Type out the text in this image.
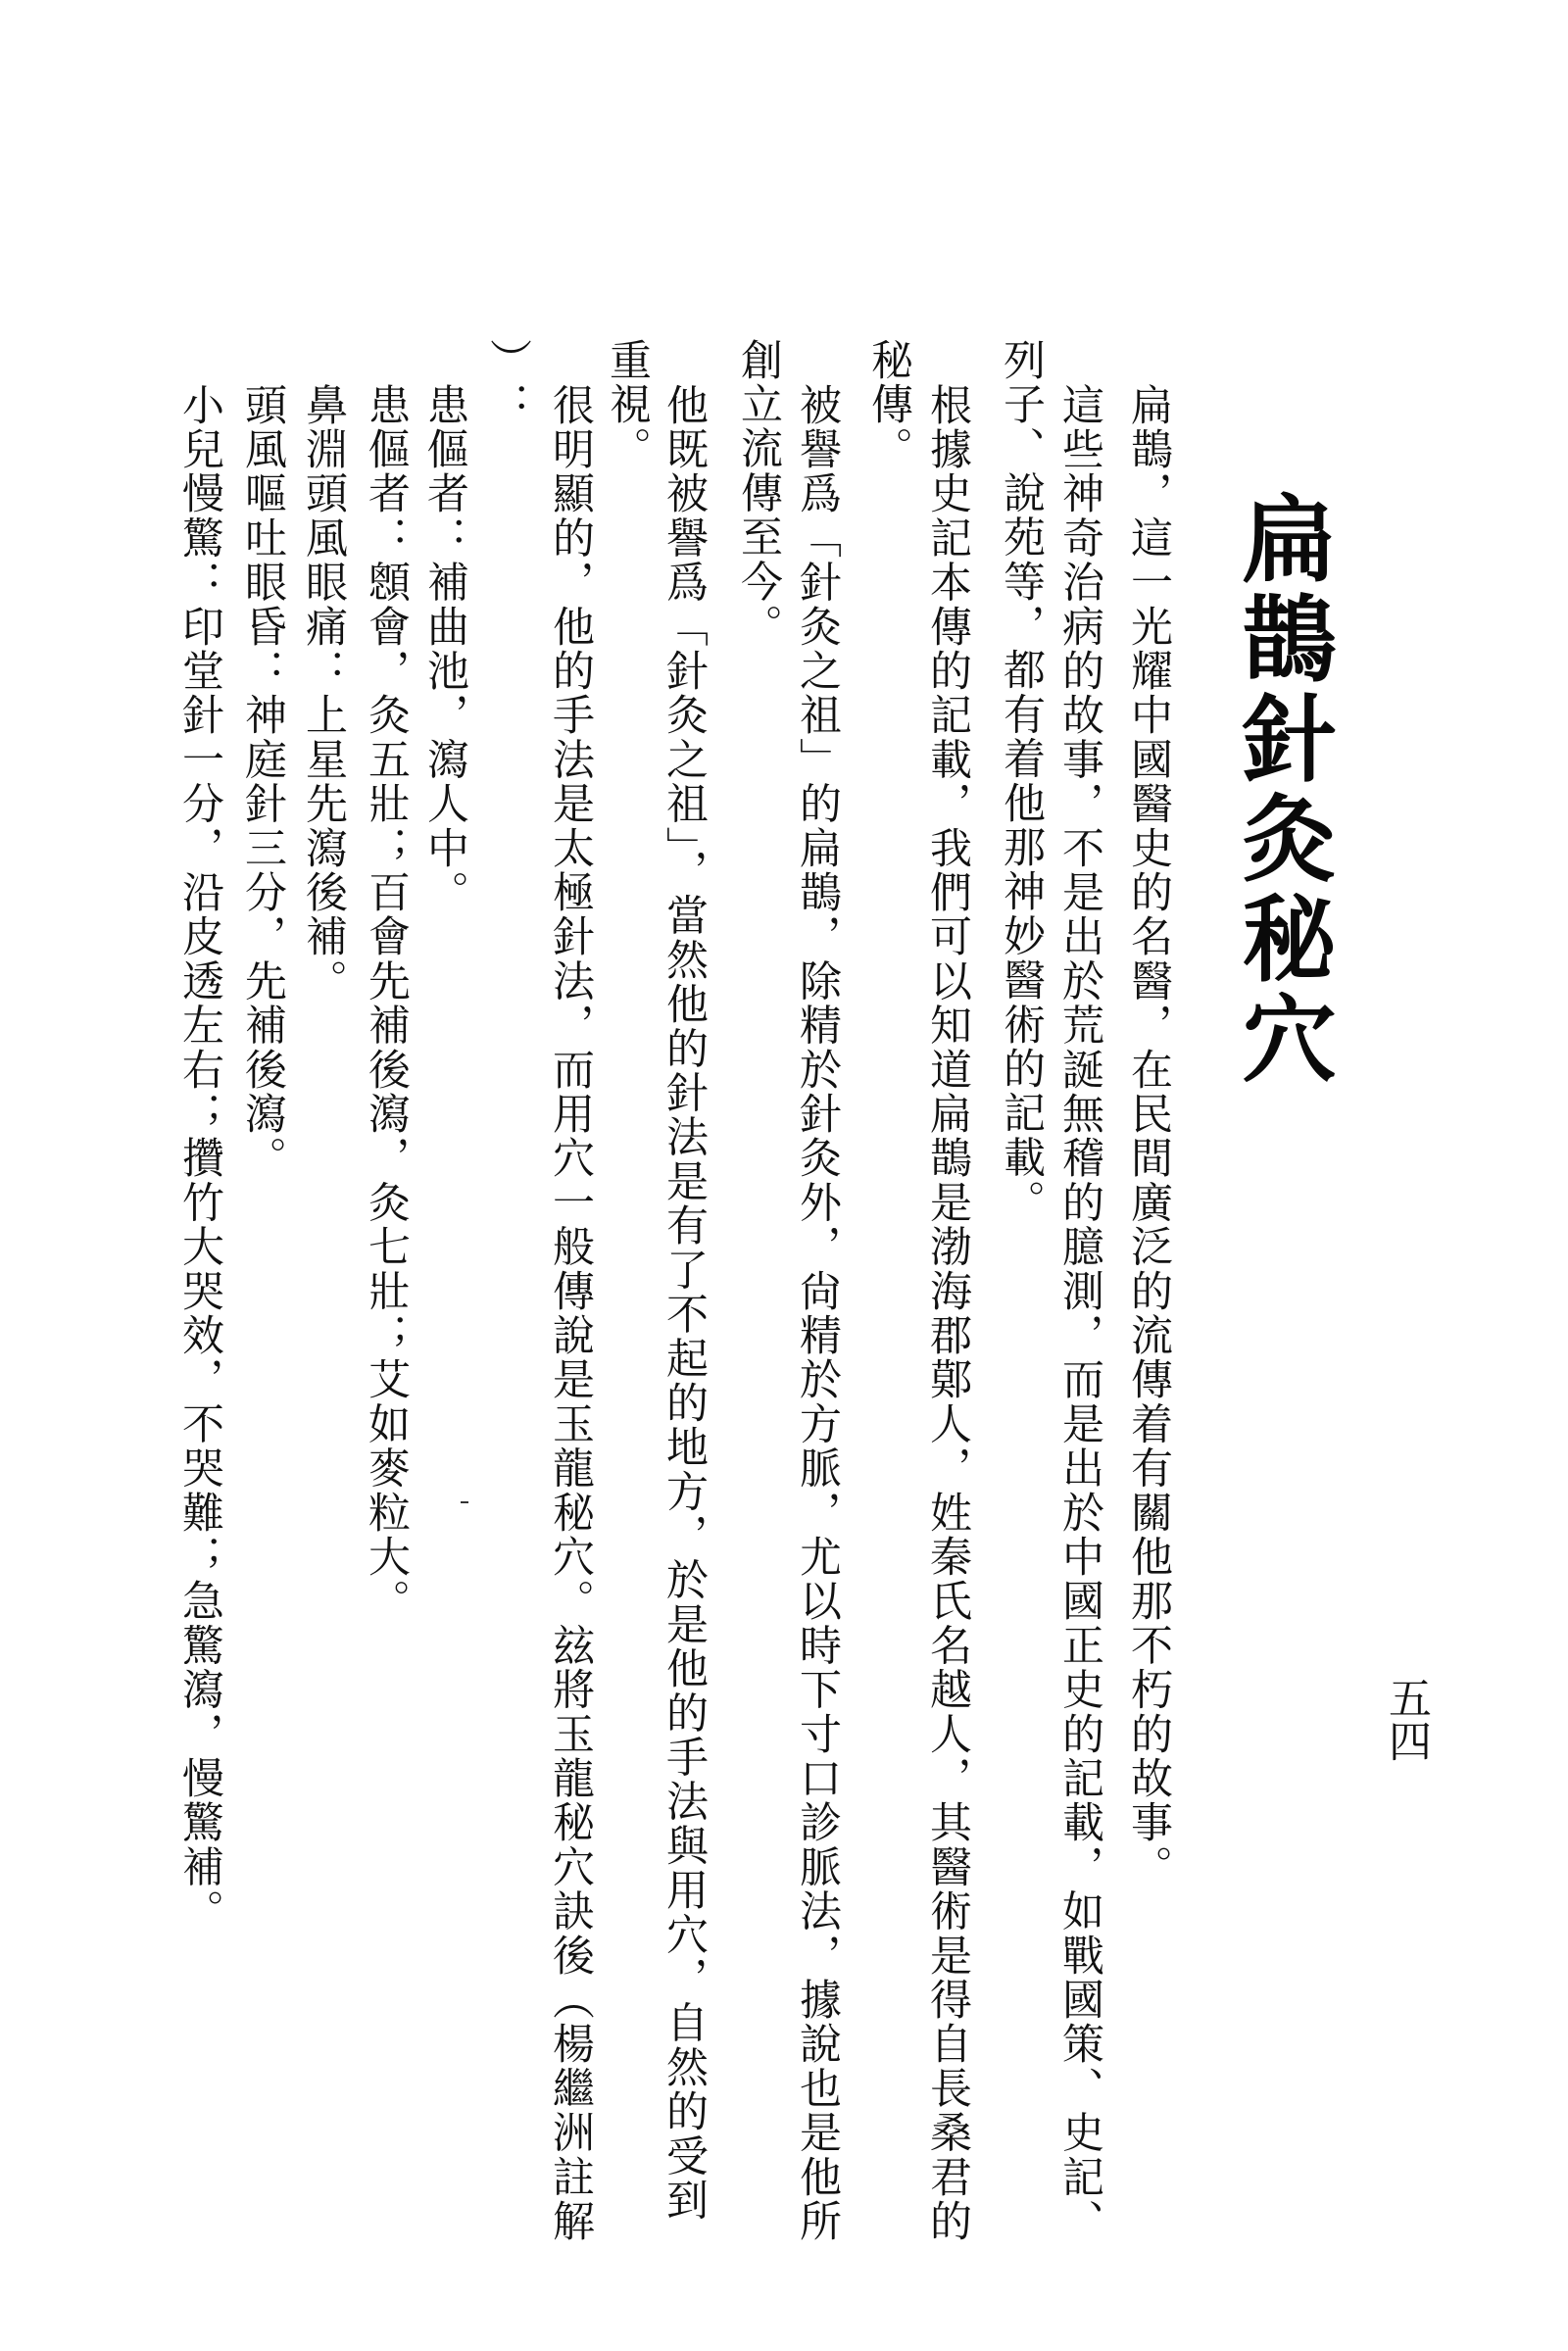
扁鵲針灸秘穴
五四
扁鵲，這一光耀中國醫史的名醫，在民間廣泛的流傳着有關他那不朽的故事。
這些神奇治病的故事，不是出於荒誕無稽的臆測，而是出於中國正史的記載，如戰國策、史記、
列子、說苑等，都有着他那神妙醫術的記載。
根據史記本傳的記載，我們可以知道扁鵲是渤海郡鄚人，姓秦氏名越人，其醫術是得自長桑君的
秘傳。
被譽爲「針灸之祖」的扁鵲，除精於針灸外，尙精於方脈，尤以時下寸口診脈法，據說也是他所
創立流傳至今。
他既被譽爲「針灸之祖」，當然他的針法是有了不起的地方，於是他的手法與用穴，自然的受到
重視。
很明顯的，他的手法是太極針法，而用穴一般傳說是玉龍秘穴。玆將玉龍秘穴訣後（楊繼洲註解
）：
患傴者：補曲池，瀉人中。
患傴者：顖會，灸五壯；百會先補後瀉，灸七壯；艾如麥粒大。
鼻淵頭風眼痛：上星先瀉後補。
頭風嘔吐眼昏：神庭針三分，先補後瀉。
小兒慢驚：印堂針一分，沿皮透左右；攢竹大哭效，不哭難；急驚瀉，慢驚補。
